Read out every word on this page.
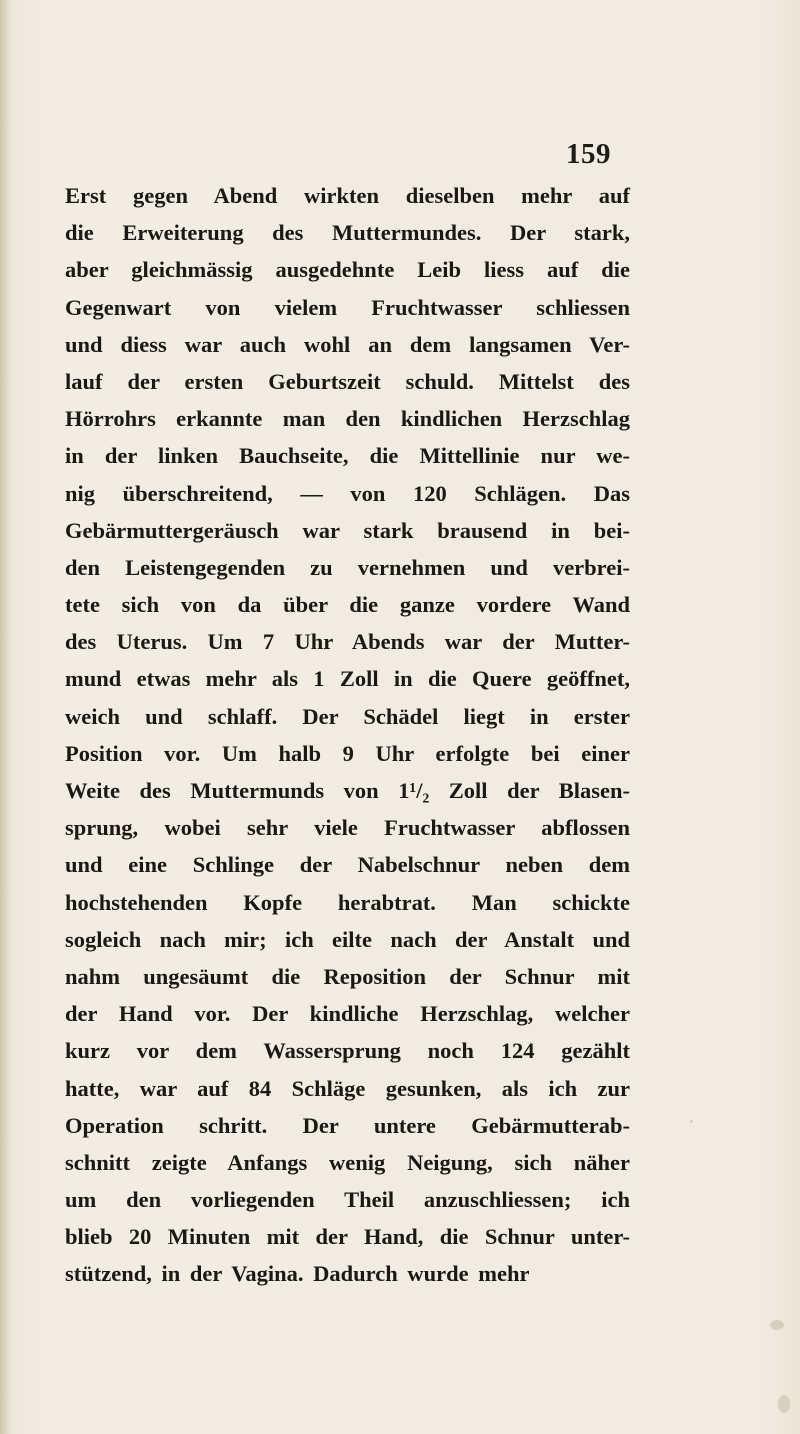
159
Erst gegen Abend wirkten dieselben mehr auf
die Erweiterung des Muttermundes. Der stark,
aber gleichmässig ausgedehnte Leib liess auf die
Gegenwart von vielem Fruchtwasser schliessen
und diess war auch wohl an dem langsamen Ver-
lauf der ersten Geburtszeit schuld. Mittelst des
Hörrohrs erkannte man den kindlichen Herzschlag
in der linken Bauchseite, die Mittellinie nur we-
nig überschreitend, — von 120 Schlägen. Das
Gebärmuttergeräusch war stark brausend in bei-
den Leistengegenden zu vernehmen und verbrei-
tete sich von da über die ganze vordere Wand
des Uterus. Um 7 Uhr Abends war der Mutter-
mund etwas mehr als 1 Zoll in die Quere geöffnet,
weich und schlaff. Der Schädel liegt in erster
Position vor. Um halb 9 Uhr erfolgte bei einer
Weite des Muttermunds von 1¹/₂ Zoll der Blasen-
sprung, wobei sehr viele Fruchtwasser abflossen
und eine Schlinge der Nabelschnur neben dem
hochstehenden Kopfe herabtrat. Man schickte
sogleich nach mir; ich eilte nach der Anstalt und
nahm ungesäumt die Reposition der Schnur mit
der Hand vor. Der kindliche Herzschlag, welcher
kurz vor dem Wassersprung noch 124 gezählt
hatte, war auf 84 Schläge gesunken, als ich zur
Operation schritt. Der untere Gebärmutterab-
schnitt zeigte Anfangs wenig Neigung, sich näher
um den vorliegenden Theil anzuschliessen; ich
blieb 20 Minuten mit der Hand, die Schnur unter-
stützend, in der Vagina. Dadurch wurde mehr
